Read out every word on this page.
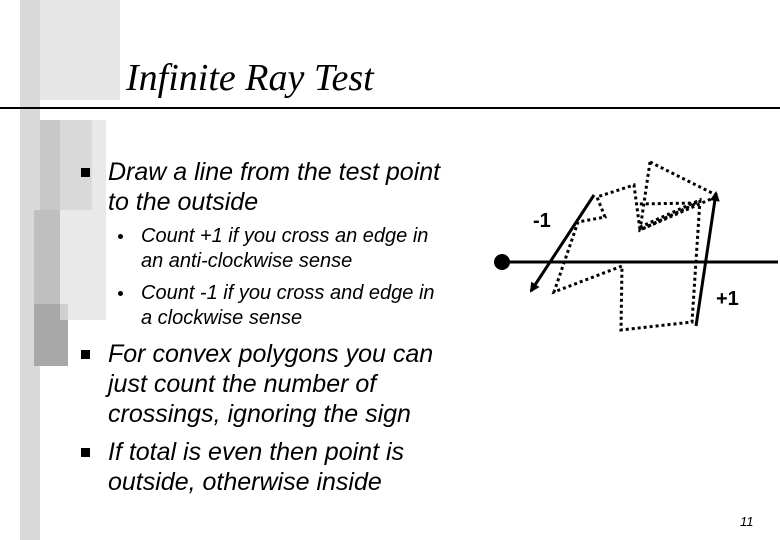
Infinite Ray Test
Draw a line from the test point
to the outside
Count +1 if you cross an edge in
an anti-clockwise sense
Count -1 if you cross and edge in
a clockwise sense
For convex polygons you can
just count the number of
crossings, ignoring the sign
If total is even then point is
outside, otherwise inside
-1
+1
11
